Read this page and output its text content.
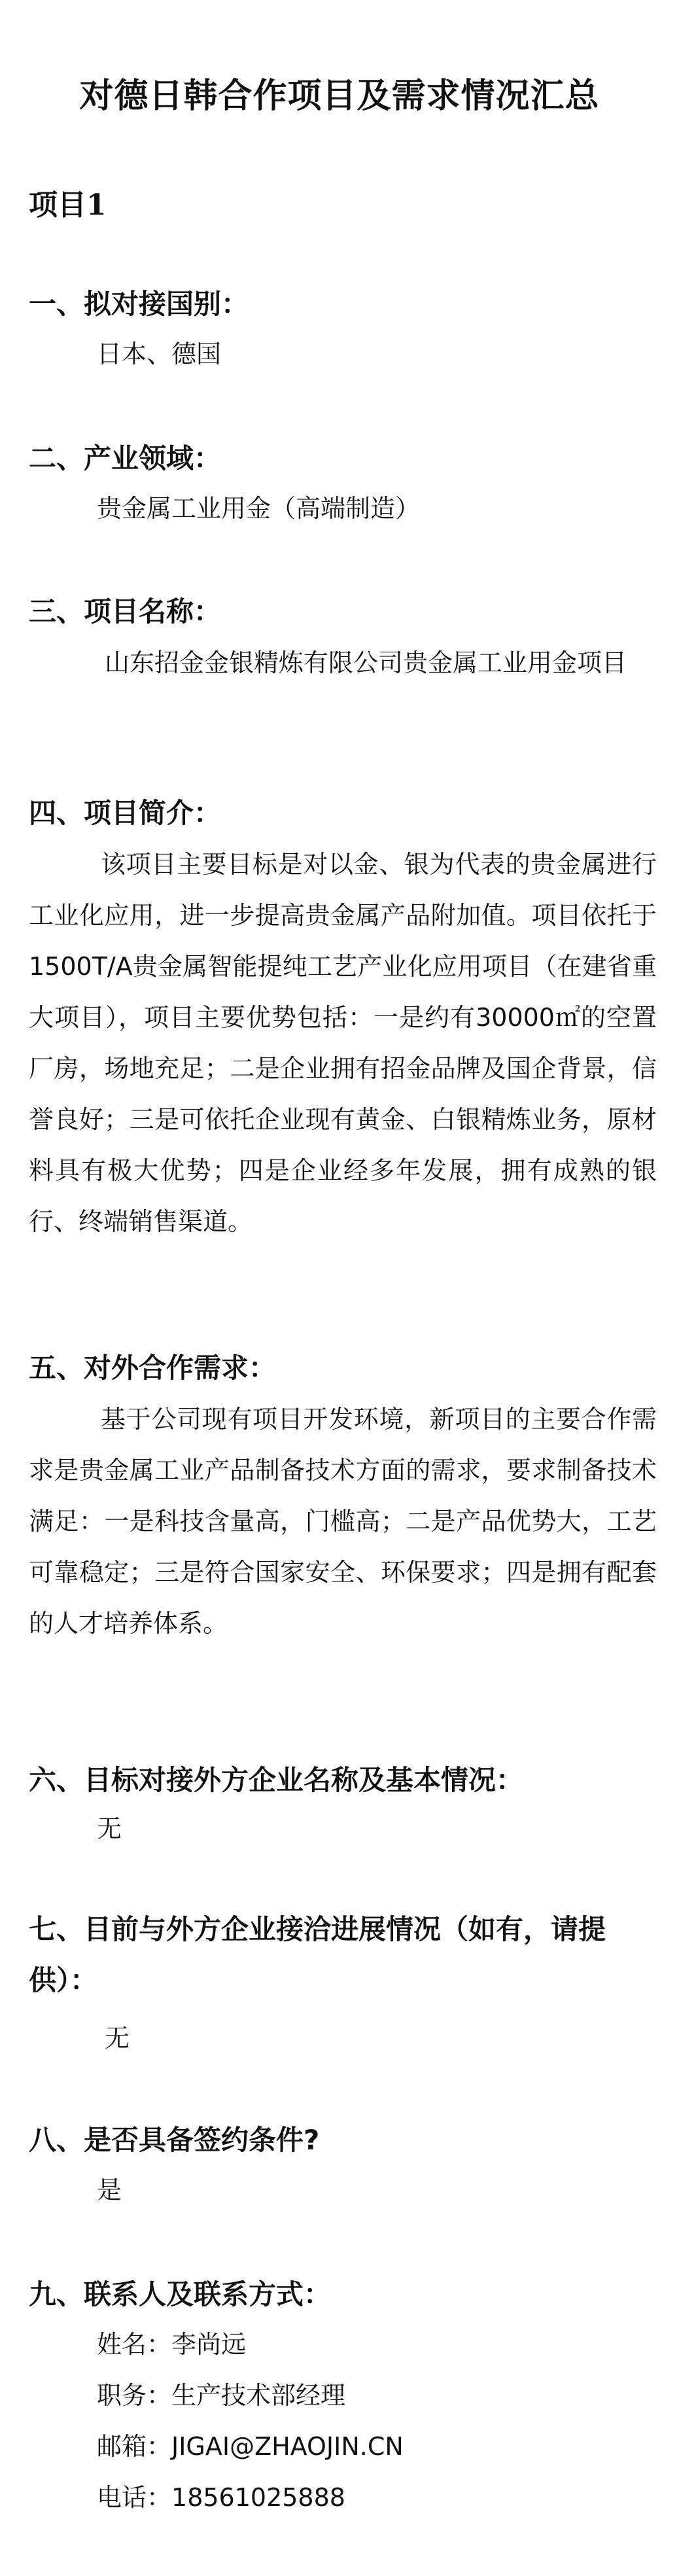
对德日韩合作项目及需求情况汇总
项目1
一、拟对接国别：
日本、德国
二、产业领域：
贵金属工业用金（高端制造）
三、项目名称：
山东招金金银精炼有限公司贵金属工业用金项目
四、项目简介：
该项目主要目标是对以金、银为代表的贵金属进行工业化应用，进一步提高贵金属产品附加值。项目依托于1500T/A贵金属智能提纯工艺产业化应用项目（在建省重大项目），项目主要优势包括：一是约有30000㎡的空置厂房，场地充足；二是企业拥有招金品牌及国企背景，信誉良好；三是可依托企业现有黄金、白银精炼业务，原材料具有极大优势；四是企业经多年发展，拥有成熟的银行、终端销售渠道。
五、对外合作需求：
基于公司现有项目开发环境，新项目的主要合作需求是贵金属工业产品制备技术方面的需求，要求制备技术满足：一是科技含量高，门槛高；二是产品优势大，工艺可靠稳定；三是符合国家安全、环保要求；四是拥有配套的人才培养体系。
六、目标对接外方企业名称及基本情况：
无
七、目前与外方企业接洽进展情况（如有，请提供）：
无
八、是否具备签约条件?
是
九、联系人及联系方式：
姓名：李尚远
职务：生产技术部经理
邮箱：JIGAI@ZHAOJIN.CN
电话：18561025888
